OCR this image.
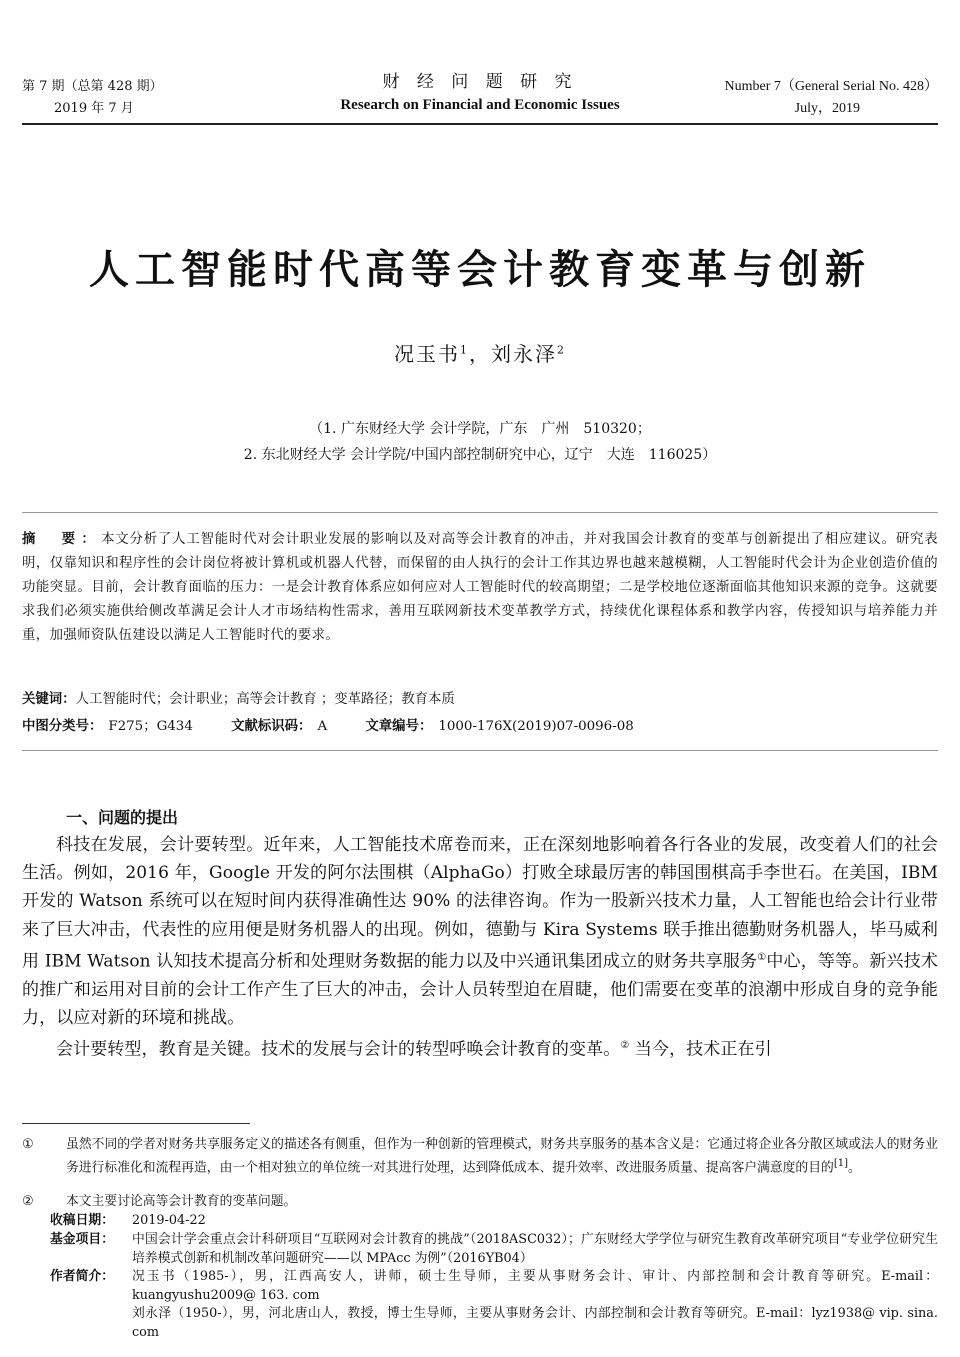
第 7 期（总第 428 期）
2019 年 7 月
财 经 问 题 研 究
Research on Financial and Economic Issues
Number 7（General Serial No. 428）
July，2019
人工智能时代高等会计教育变革与创新
况玉书$^1$，刘永泽$^2$
（1. 广东财经大学 会计学院，广东　广州　510320；
2. 东北财经大学 会计学院/中国内部控制研究中心，辽宁　大连　116025）
摘　要：本文分析了人工智能时代对会计职业发展的影响以及对高等会计教育的冲击，并对我国会计教育的变革与创新提出了相应建议。研究表明，仅靠知识和程序性的会计岗位将被计算机或机器人代替，而保留的由人执行的会计工作其边界也越来越模糊，人工智能时代会计为企业创造价值的功能突显。目前，会计教育面临的压力：一是会计教育体系应如何应对人工智能时代的较高期望；二是学校地位逐渐面临其他知识来源的竞争。这就要求我们必须实施供给侧改革满足会计人才市场结构性需求，善用互联网新技术变革教学方式，持续优化课程体系和教学内容，传授知识与培养能力并重，加强师资队伍建设以满足人工智能时代的要求。
关键词：人工智能时代；会计职业；高等会计教育 ；变革路径；教育本质
中图分类号： F275；G434	文献标识码： A	文章编号： 1000-176X(2019)07-0096-08
一、问题的提出

科技在发展，会计要转型。近年来，人工智能技术席卷而来，正在深刻地影响着各行各业的发展，改变着人们的社会生活。例如，2016 年，Google 开发的阿尔法围棋（AlphaGo）打败全球最厉害的韩国围棋高手李世石。在美国，IBM 开发的 Watson 系统可以在短时间内获得准确性达 90% 的法律咨询。作为一股新兴技术力量，人工智能也给会计行业带来了巨大冲击，代表性的应用便是财务机器人的出现。例如，德勤与 Kira Systems 联手推出德勤财务机器人，毕马威利用 IBM Watson 认知技术提高分析和处理财务数据的能力以及中兴通讯集团成立的财务共享服务①中心，等等。新兴技术的推广和运用对目前的会计工作产生了巨大的冲击，会计人员转型迫在眉睫，他们需要在变革的浪潮中形成自身的竞争能力，以应对新的环境和挑战。

会计要转型，教育是关键。技术的发展与会计的转型呼唤会计教育的变革。② 当今，技术正在引

①	虽然不同的学者对财务共享服务定义的描述各有侧重，但作为一种创新的管理模式，财务共享服务的基本含义是：它通过将企业各分散区域或法人的财务业务进行标准化和流程再造，由一个相对独立的单位统一对其进行处理，达到降低成本、提升效率、改进服务质量、提高客户满意度的目的[1]。
②	本文主要讨论高等会计教育的变革问题。
收稿日期：	2019-04-22
基金项目：	中国会计学会重点会计科研项目“互联网对会计教育的挑战”（2018ASC032）；广东财经大学学位与研究生教育改革研究项目“专业学位研究生培养模式创新和机制改革问题研究——以 MPAcc 为例”（2016YB04）
作者简介：	况玉书（1985-），男，江西高安人，讲师，硕士生导师，主要从事财务会计、审计、内部控制和会计教育等研究。E-mail：kuangyushu2009@ 163. com
刘永泽（1950-），男，河北唐山人，教授，博士生导师，主要从事财务会计、内部控制和会计教育等研究。E-mail：lyz1938@ vip. sina. com
